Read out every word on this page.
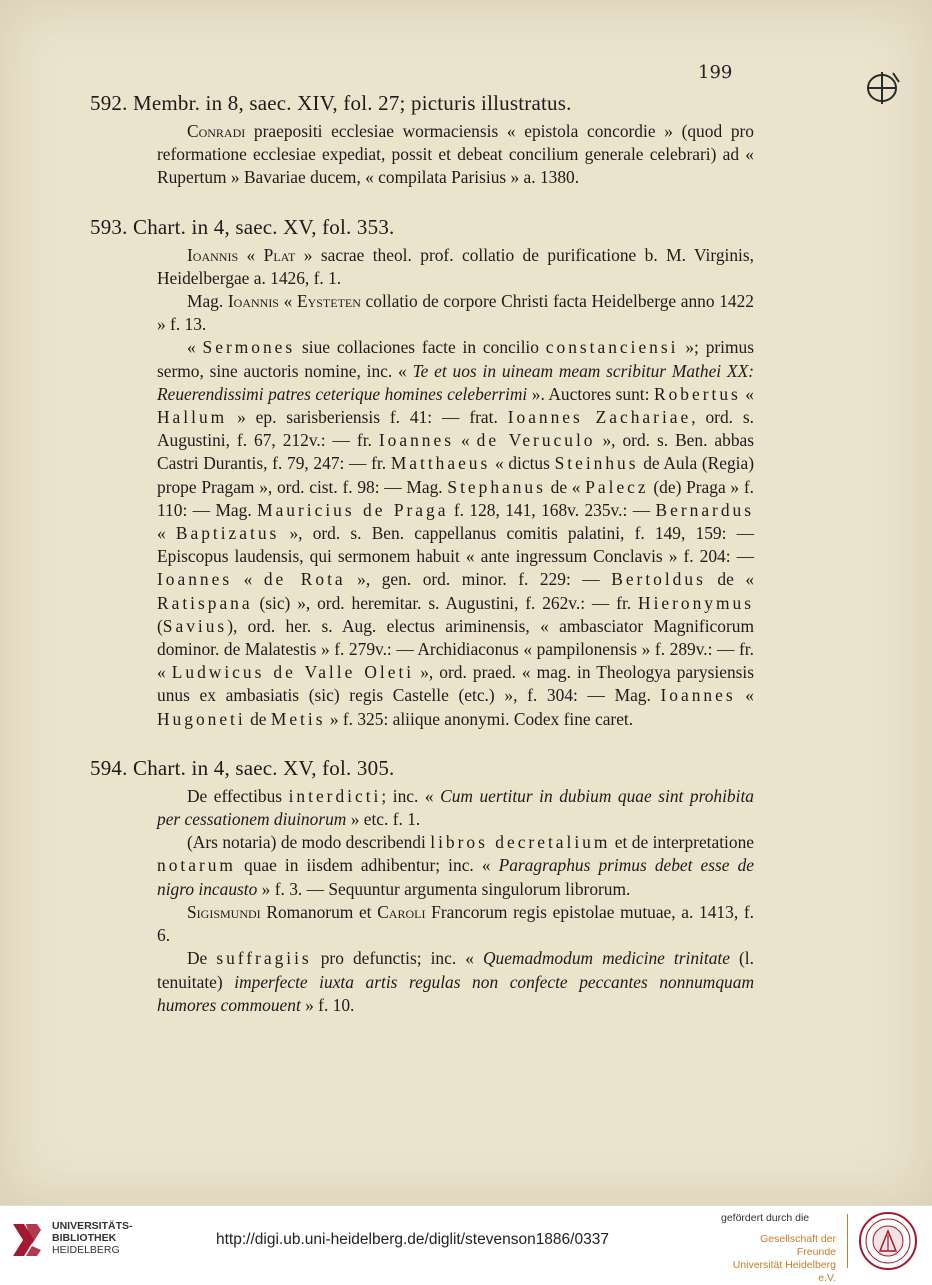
199
592. Membr. in 8, saec. XIV, fol. 27; picturis illustratus.
Conradi praepositi ecclesiae wormaciensis « epistola concordie » (quod pro reformatione ecclesiae expediat, possit et debeat concilium generale celebrari) ad « Rupertum » Bavariae ducem, « compilata Parisius » a. 1380.
593. Chart. in 4, saec. XV, fol. 353.
Ioannis « Plat » sacrae theol. prof. collatio de purificatione b. M. Virginis, Heidelbergae a. 1426, f. 1.
Mag. Ioannis « Eysteten collatio de corpore Christi facta Heidelberge anno 1422 » f. 13.
« Sermones siue collaciones facte in concilio constanciensi »; primus sermo, sine auctoris nomine, inc. « Te et uos in uineam meam scribitur Mathei XX: Reuerendissimi patres ceterique homines celeberrimi ». Auctores sunt: Robertus « Hallum » ep. sarisberiensis f. 41: — frat. Ioannes Zachariae, ord. s. Augustini, f. 67, 212v.: — fr. Ioannes « de Veruculo », ord. s. Ben. abbas Castri Durantis, f. 79, 247: — fr. Matthaeus « dictus Steinhus de Aula (Regia) prope Pragam », ord. cist. f. 98: — Mag. Stephanus de « Palecz (de) Praga » f. 110: — Mag. Mauricius de Praga f. 128, 141, 168v. 235v.: — Bernardus « Baptizatus », ord. s. Ben. cappellanus comitis palatini, f. 149, 159: — Episcopus laudensis, qui sermonem habuit « ante ingressum Conclavis » f. 204: — Ioannes « de Rota », gen. ord. minor. f. 229: — Bertoldus de « Ratispana (sic) », ord. heremitar. s. Augustini, f. 262v.: — fr. Hieronymus (Savius), ord. her. s. Aug. electus ariminensis, « ambasciator Magnificorum dominor. de Malatestis » f. 279v.: — Archidiaconus « pampilonensis » f. 289v.: — fr. « Ludwicus de Valle Oleti », ord. praed. « mag. in Theologya parysiensis unus ex ambasiatis (sic) regis Castelle (etc.) », f. 304: — Mag. Ioannes « Hugoneti de Metis » f. 325: aliique anonymi. Codex fine caret.
594. Chart. in 4, saec. XV, fol. 305.
De effectibus interdicti; inc. « Cum uertitur in dubium quae sint prohibita per cessationem diuinorum » etc. f. 1.
(Ars notaria) de modo describendi libros decretalium et de interpretatione notarum quae in iisdem adhibentur; inc. « Paragraphus primus debet esse de nigro incausto » f. 3. — Sequuntur argumenta singulorum librorum.
Sigismundi Romanorum et Caroli Francorum regis epistolae mutuae, a. 1413, f. 6.
De suffragiis pro defunctis; inc. « Quemadmodum medicine trinitate (l. tenuitate) imperfecte iuxta artis regulas non confecte peccantes nonnumquam humores commouent » f. 10.
UNIVERSITÄTS-
BIBLIOTHEK
HEIDELBERG
http://digi.ub.uni-heidelberg.de/diglit/stevenson1886/0337
gefördert durch die
Gesellschaft der Freunde
Universität Heidelberg e.V.
